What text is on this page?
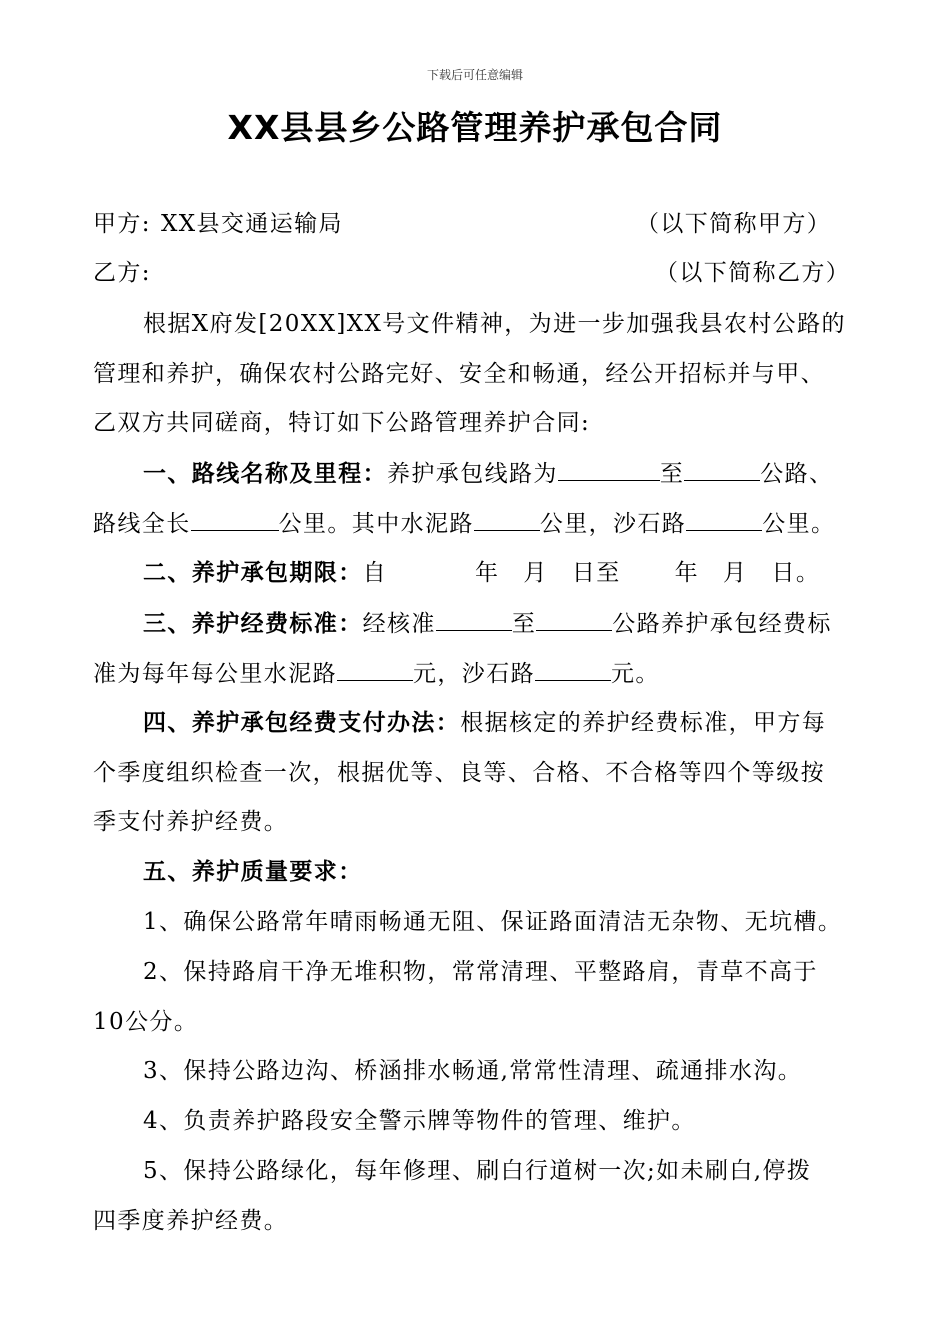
下载后可任意编辑
XX县县乡公路管理养护承包合同
甲方: XX县交通运输局	（以下简称甲方）
乙方:	（以下简称乙方）
根据X府发[20XX]XX号文件精神，为进一步加强我县农村公路的
管理和养护，确保农村公路完好、安全和畅通，经公开招标并与甲、
乙双方共同磋商，特订如下公路管理养护合同:
一、路线名称及里程：养护承包线路为	至	公路、
路线全长	公里。其中水泥路	公里，沙石路	公里。
二、养护承包期限：自	年 月 日至 年 月 日。
三、养护经费标准：经核准	至	公路养护承包经费标
准为每年每公里水泥路	元，沙石路	元。
四、养护承包经费支付办法：根据核定的养护经费标准，甲方每
个季度组织检查一次，根据优等、良等、合格、不合格等四个等级按
季支付养护经费。
五、养护质量要求：
1、确保公路常年晴雨畅通无阻、保证路面清洁无杂物、无坑槽。
2、保持路肩干净无堆积物，常常清理、平整路肩，青草不高于
10公分。
3、保持公路边沟、桥涵排水畅通,常常性清理、疏通排水沟。
4、负责养护路段安全警示牌等物件的管理、维护。
5、保持公路绿化，每年修理、刷白行道树一次;如未刷白,停拨
四季度养护经费。
